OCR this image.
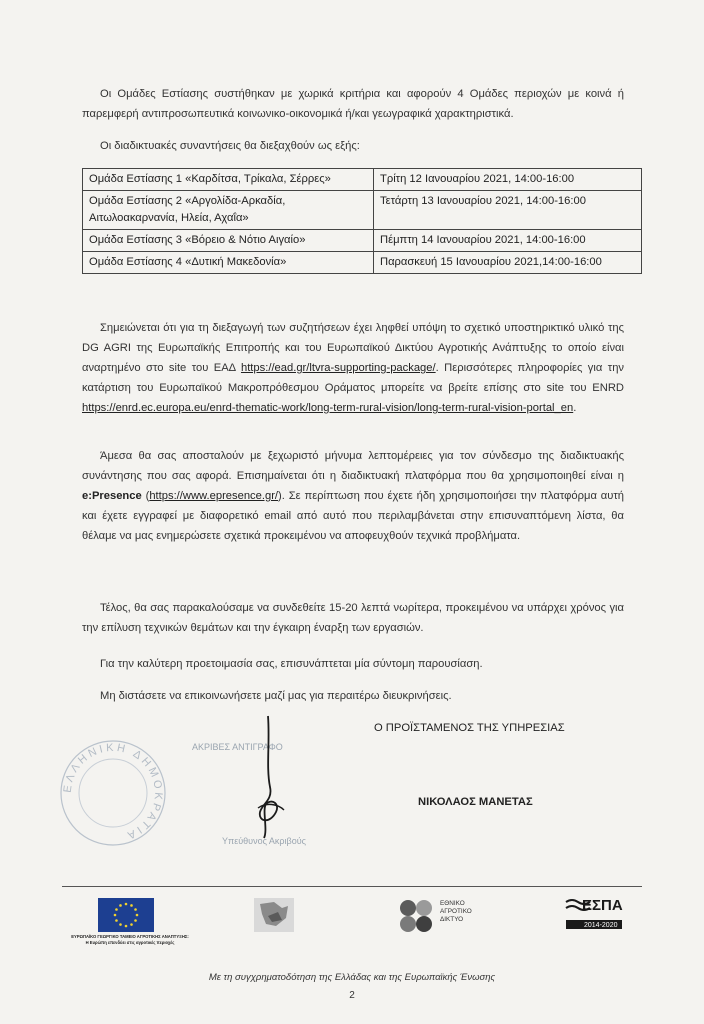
Οι Ομάδες Εστίασης συστήθηκαν με χωρικά κριτήρια και αφορούν 4 Ομάδες περιοχών με κοινά ή παρεμφερή αντιπροσωπευτικά κοινωνικο-οικονομικά ή/και γεωγραφικά χαρακτηριστικά.
Οι διαδικτυακές συναντήσεις θα διεξαχθούν ως εξής:
Ομάδα Εστίασης 1 «Καρδίτσα, Τρίκαλα, Σέρρες»	Τρίτη 12 Ιανουαρίου 2021, 14:00-16:00
Ομάδα Εστίασης 2 «Αργολίδα-Αρκαδία, Αιτωλοακαρνανία, Ηλεία, Αχαΐα»	Τετάρτη 13 Ιανουαρίου 2021, 14:00-16:00
Ομάδα Εστίασης 3 «Βόρειο & Νότιο Αιγαίο»	Πέμπτη 14 Ιανουαρίου 2021, 14:00-16:00
Ομάδα Εστίασης 4 «Δυτική Μακεδονία»	Παρασκευή 15 Ιανουαρίου 2021,14:00-16:00
Σημειώνεται ότι για τη διεξαγωγή των συζητήσεων έχει ληφθεί υπόψη το σχετικό υποστηρικτικό υλικό της DG AGRI της Ευρωπαϊκής Επιτροπής και του Ευρωπαϊκού Δικτύου Αγροτικής Ανάπτυξης το οποίο είναι αναρτημένο στο site του ΕΑΔ https://ead.gr/ltvra-supporting-package/. Περισσότερες πληροφορίες για την κατάρτιση του Ευρωπαϊκού Μακροπρόθεσμου Οράματος μπορείτε να βρείτε επίσης στο site του ENRD https://enrd.ec.europa.eu/enrd-thematic-work/long-term-rural-vision/long-term-rural-vision-portal_en.
Άμεσα θα σας αποσταλούν με ξεχωριστό μήνυμα λεπτομέρειες για τον σύνδεσμο της διαδικτυακής συνάντησης που σας αφορά. Επισημαίνεται ότι η διαδικτυακή πλατφόρμα που θα χρησιμοποιηθεί είναι η e:Presence (https://www.epresence.gr/). Σε περίπτωση που έχετε ήδη χρησιμοποιήσει την πλατφόρμα αυτή και έχετε εγγραφεί με διαφορετικό email από αυτό που περιλαμβάνεται στην επισυναπτόμενη λίστα, θα θέλαμε να μας ενημερώσετε σχετικά προκειμένου να αποφευχθούν τεχνικά προβλήματα.
Τέλος, θα σας παρακαλούσαμε να συνδεθείτε 15-20 λεπτά νωρίτερα, προκειμένου να υπάρχει χρόνος για την επίλυση τεχνικών θεμάτων και την έγκαιρη έναρξη των εργασιών.
Για την καλύτερη προετοιμασία σας, επισυνάπτεται μία σύντομη παρουσίαση.
Μη διστάσετε να επικοινωνήσετε μαζί μας για περαιτέρω διευκρινήσεις.
Ο ΠΡΟΪΣΤΑΜΕΝΟΣ ΤΗΣ ΥΠΗΡΕΣΙΑΣ
ΝΙΚΟΛΑΟΣ ΜΑΝΕΤΑΣ
ΕΛΛΗΝΙΚΗ ΔΗΜΟΚΡΑΤΙΑ
ΑΚΡΙΒΕΣ ΑΝΤΙΓΡΑΦΟ
Υπεύθυνος Ακριβούς
ΕΥΡΩΠΑΪΚΟ ΓΕΩΡΓΙΚΟ ΤΑΜΕΙΟ ΑΓΡΟΤΙΚΗΣ ΑΝΑΠΤΥΞΗΣ: Η Ευρώπη επενδύει στις αγροτικές περιοχές
ΕΘΝΙΚΟ
ΑΓΡΟΤΙΚΟ
ΔΙΚΤΥΟ
ΕΣΠΑ
2014-2020
Με τη συγχρηματοδότηση της Ελλάδας και της Ευρωπαϊκής Ένωσης
2
